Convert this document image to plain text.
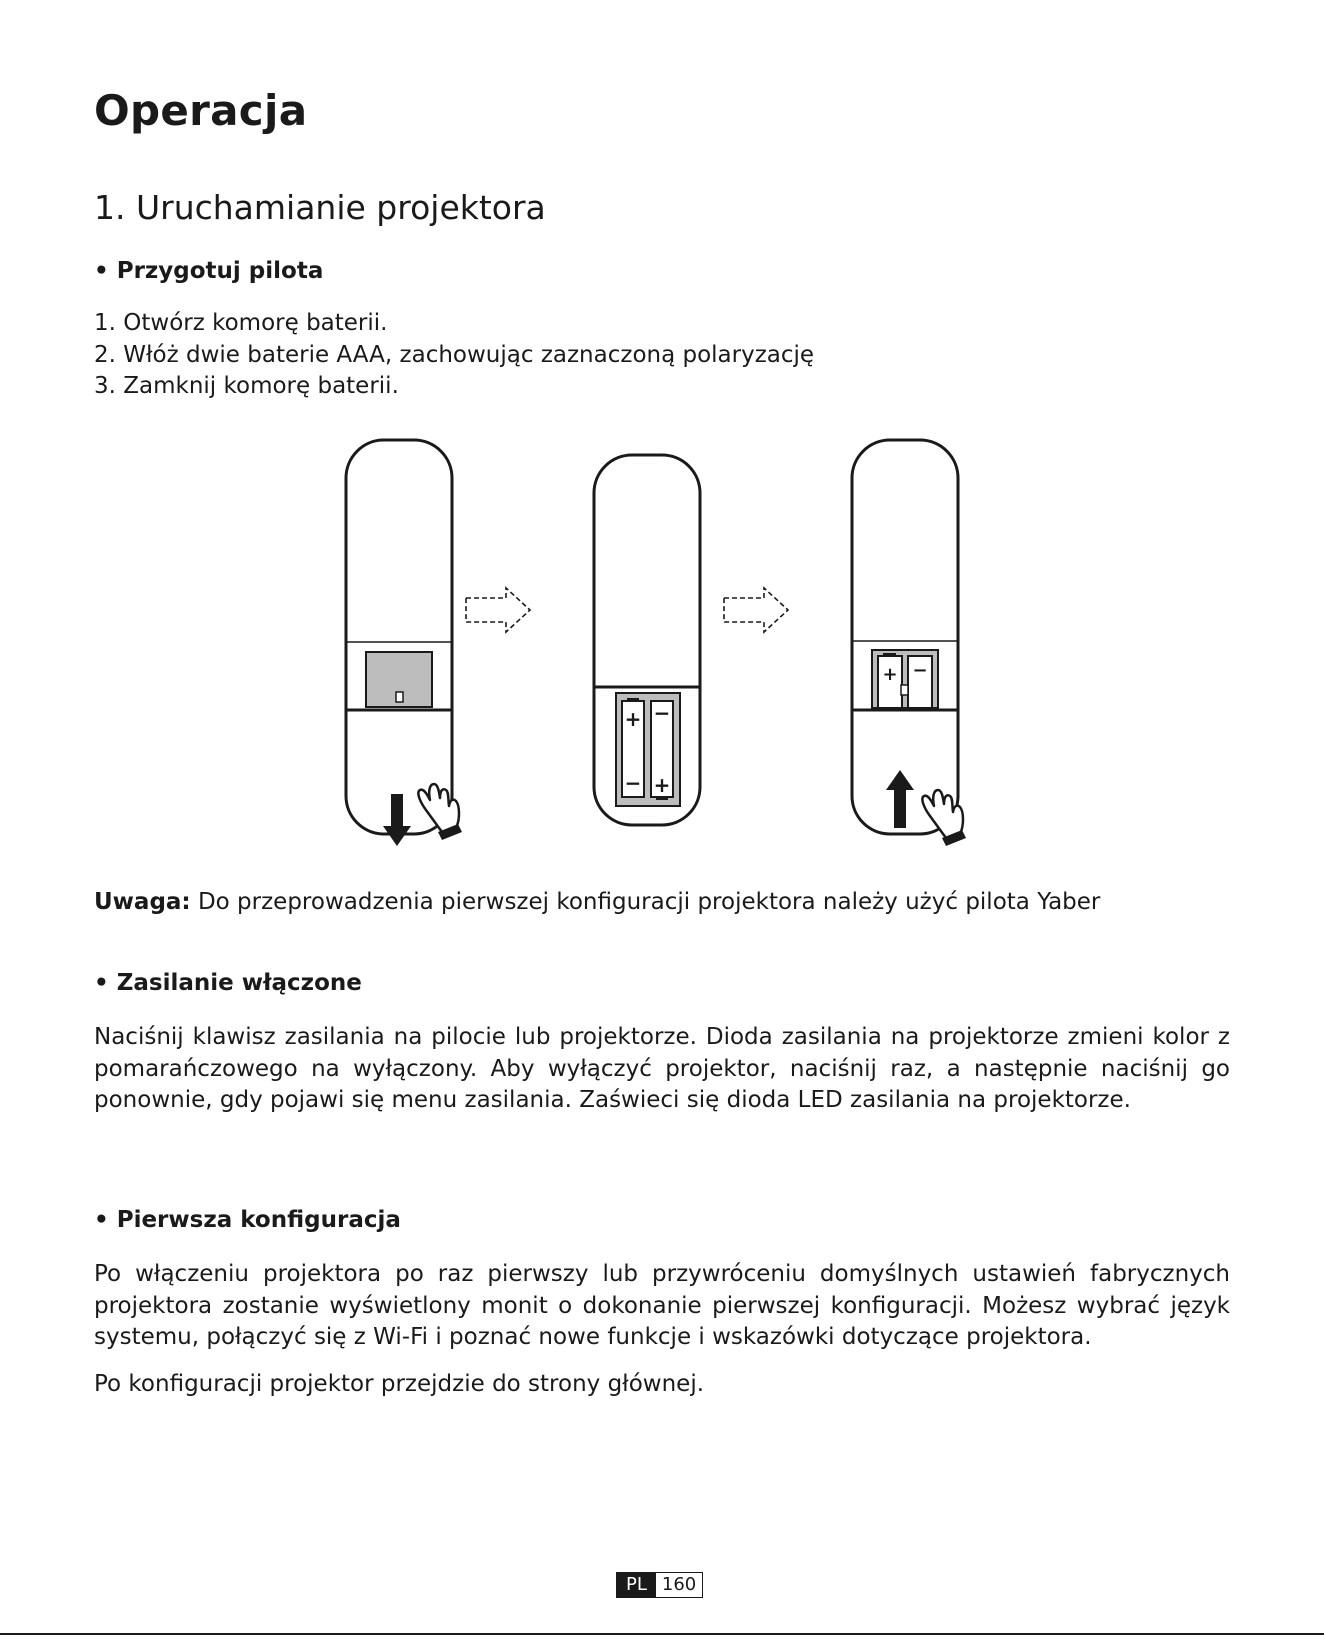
Operacja
1. Uruchamianie projektora

• Przygotuj pilota

1. Otwórz komorę baterii.
2. Włóż dwie baterie AAA, zachowując zaznaczoną polaryzację
3. Zamknij komorę baterii.
+ −
− +
+ −

Uwaga: Do przeprowadzenia pierwszej konfiguracji projektora należy użyć pilota Yaber

• Zasilanie włączone

Naciśnij klawisz zasilania na pilocie lub projektorze. Dioda zasilania na projektorze zmieni kolor z pomarańczowego na wyłączony. Aby wyłączyć projektor, naciśnij raz, a następnie naciśnij go ponownie, gdy pojawi się menu zasilania. Zaświeci się dioda LED zasilania na projektorze.

• Pierwsza konfiguracja

Po włączeniu projektora po raz pierwszy lub przywróceniu domyślnych ustawień fabrycznych projektora zostanie wyświetlony monit o dokonanie pierwszej konfiguracji. Możesz wybrać język systemu, połączyć się z Wi-Fi i poznać nowe funkcje i wskazówki dotyczące projektora.

Po konfiguracji projektor przejdzie do strony głównej.

PL 160
